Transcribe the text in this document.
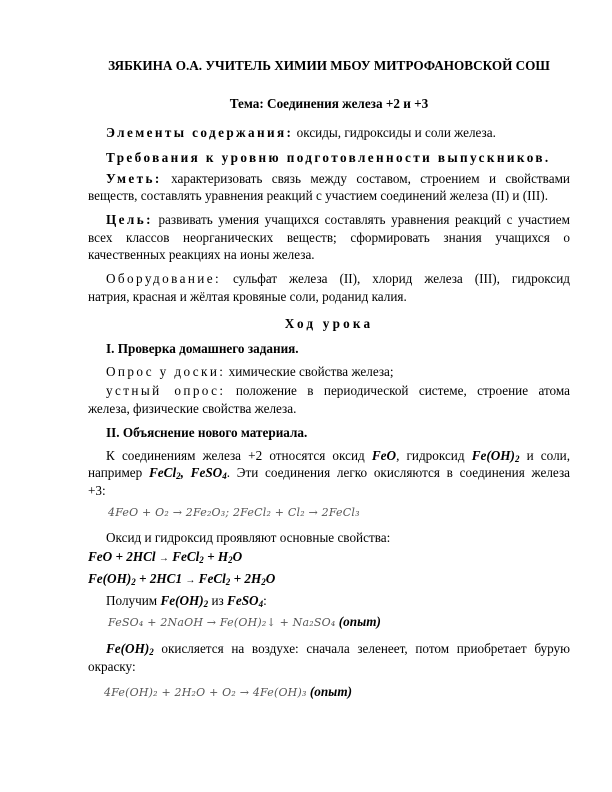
ЗЯБКИНА О.А. УЧИТЕЛЬ ХИМИИ МБОУ МИТРОФАНОВСКОЙ СОШ
Тема: Соединения железа +2 и +3
Элементы содержания: оксиды, гидроксиды и соли железа.
Требования к уровню подготовленности выпускников.
Уметь: характеризовать связь между составом, строением и свойствами
веществ, составлять уравнения реакций с участием соединений железа (II) и (III).
Цель: развивать умения учащихся составлять уравнения реакций с участием
всех классов неорганических веществ; сформировать знания учащихся о
качественных реакциях на ионы железа.
Оборудование: сульфат железа (II), хлорид железа (III), гидроксид
натрия, красная и жёлтая кровяные соли, роданид калия.
Ход урока
I. Проверка домашнего задания.
Опрос у доски: химические свойства железа;
устный опрос: положение в периодической системе, строение атома
железа, физические свойства железа.
II. Объяснение нового материала.
К соединениям железа +2 относятся оксид FeO, гидроксид $Fe(OH)_2$ и соли,
например FeCl$_2$, FeSO$_4$. Эти соединения легко окисляются в соединения железа
+3:
4FeO + O₂ → 2Fe₂O₃; 2FeCl₂ + Cl₂ → 2FeCl₃
Оксид и гидроксид проявляют основные свойства:
FeO + 2HCl → FeCl$_2$ + $H_2O$
$Fe(OH)_2 + 2HC1$ → FeCl$_2$ + $2H_2O$
Получим $Fe(OH)_2$ из FeSO$_4$:
FeSO₄ + 2NaOH → Fe(OH)₂↓ + Na₂SO₄ (опыт)
$Fe(OH)_2$ окисляется на воздухе: сначала зеленеет, потом приобретает бурую
окраску:
4Fe(OH)₂ + 2H₂O + O₂ → 4Fe(OH)₃ (опыт)
